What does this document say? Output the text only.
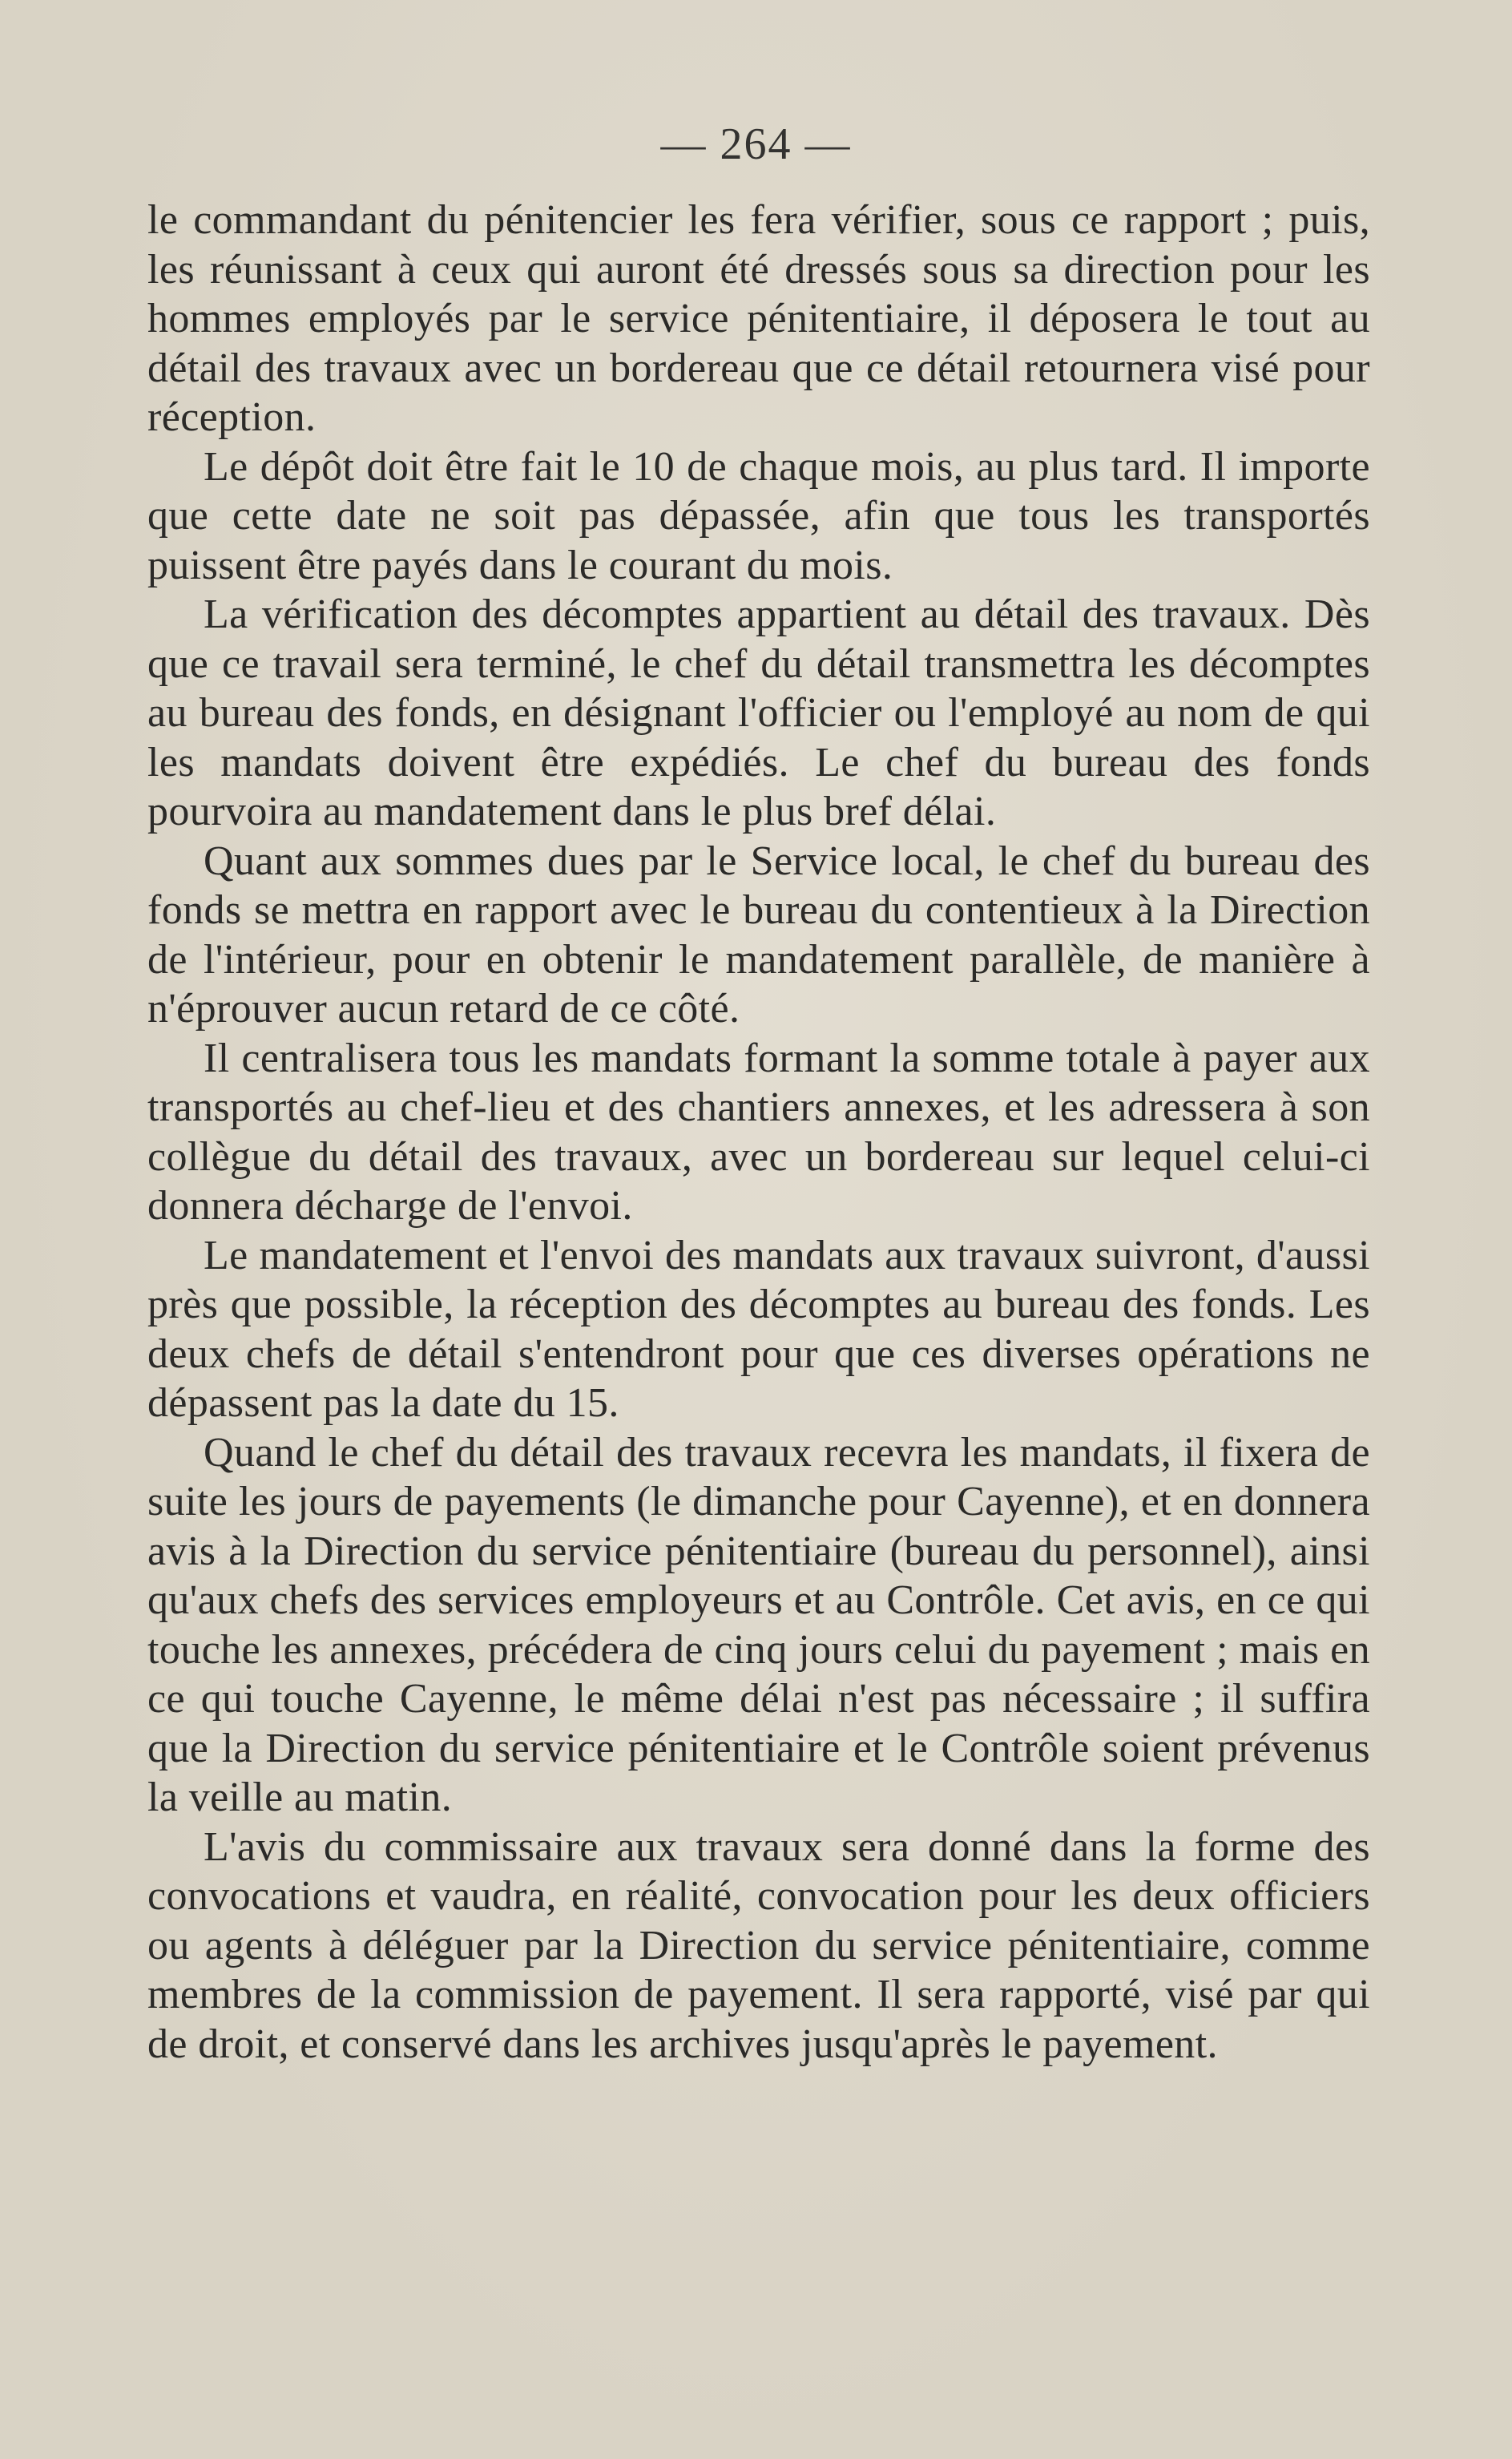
— 264 —

le commandant du pénitencier les fera vérifier, sous ce rapport ; puis, les réunissant à ceux qui auront été dressés sous sa direction pour les hommes employés par le service pénitentiaire, il déposera le tout au détail des travaux avec un bordereau que ce détail retournera visé pour réception.

Le dépôt doit être fait le 10 de chaque mois, au plus tard. Il importe que cette date ne soit pas dépassée, afin que tous les transportés puissent être payés dans le courant du mois.

La vérification des décomptes appartient au détail des travaux. Dès que ce travail sera terminé, le chef du détail transmettra les décomptes au bureau des fonds, en désignant l'officier ou l'employé au nom de qui les mandats doivent être expédiés. Le chef du bureau des fonds pourvoira au mandatement dans le plus bref délai.

Quant aux sommes dues par le Service local, le chef du bureau des fonds se mettra en rapport avec le bureau du contentieux à la Direction de l'intérieur, pour en obtenir le mandatement parallèle, de manière à n'éprouver aucun retard de ce côté.

Il centralisera tous les mandats formant la somme totale à payer aux transportés au chef-lieu et des chantiers annexes, et les adressera à son collègue du détail des travaux, avec un bordereau sur lequel celui-ci donnera décharge de l'envoi.

Le mandatement et l'envoi des mandats aux travaux suivront, d'aussi près que possible, la réception des décomptes au bureau des fonds. Les deux chefs de détail s'entendront pour que ces diverses opérations ne dépassent pas la date du 15.

Quand le chef du détail des travaux recevra les mandats, il fixera de suite les jours de payements (le dimanche pour Cayenne), et en donnera avis à la Direction du service pénitentiaire (bureau du personnel), ainsi qu'aux chefs des services employeurs et au Contrôle. Cet avis, en ce qui touche les annexes, précédera de cinq jours celui du payement ; mais en ce qui touche Cayenne, le même délai n'est pas nécessaire ; il suffira que la Direction du service pénitentiaire et le Contrôle soient prévenus la veille au matin.

L'avis du commissaire aux travaux sera donné dans la forme des convocations et vaudra, en réalité, convocation pour les deux officiers ou agents à déléguer par la Direction du service pénitentiaire, comme membres de la commission de payement. Il sera rapporté, visé par qui de droit, et conservé dans les archives jusqu'après le payement.
